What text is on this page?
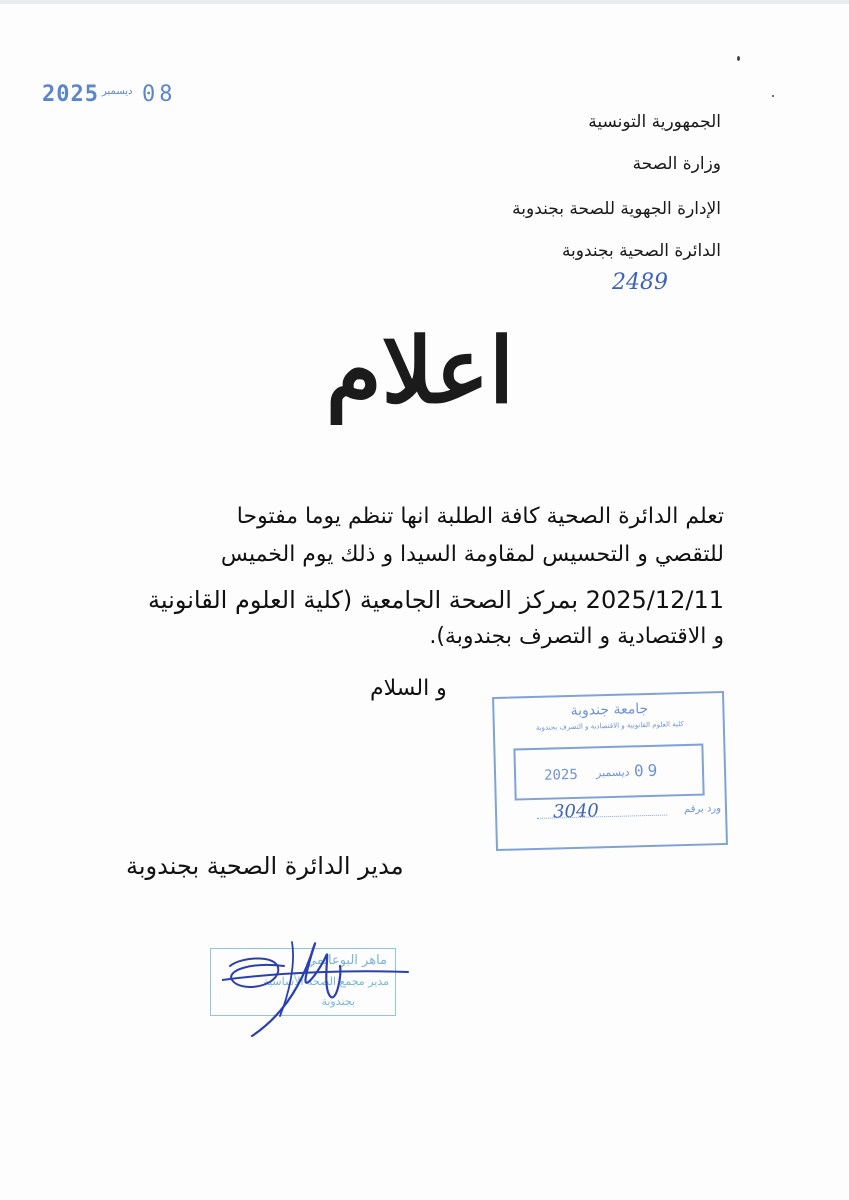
2025 ديسمبر 08
الجمهورية التونسية
وزارة الصحة
الإدارة الجهوية للصحة بجندوبة
الدائرة الصحية بجندوبة
2489
اعلام
تعلم الدائرة الصحية كافة الطلبة انها تنظم يوما مفتوحا
للتقصي و التحسيس لمقاومة السيدا و ذلك يوم الخميس
2025/12/11 بمركز الصحة الجامعية (كلية العلوم القانونية
و الاقتصادية و التصرف بجندوبة).
و السلام
جامعة جندوبة
كلية العلوم القانونية و الاقتصادية و التصرف بجندوبة
2025 ديسمبر 09
ورد برقم
3040
مدير الدائرة الصحية بجندوبة
ماهر البوعانمي
مدير مجمع الصحة الأساسية
بجندوبة
